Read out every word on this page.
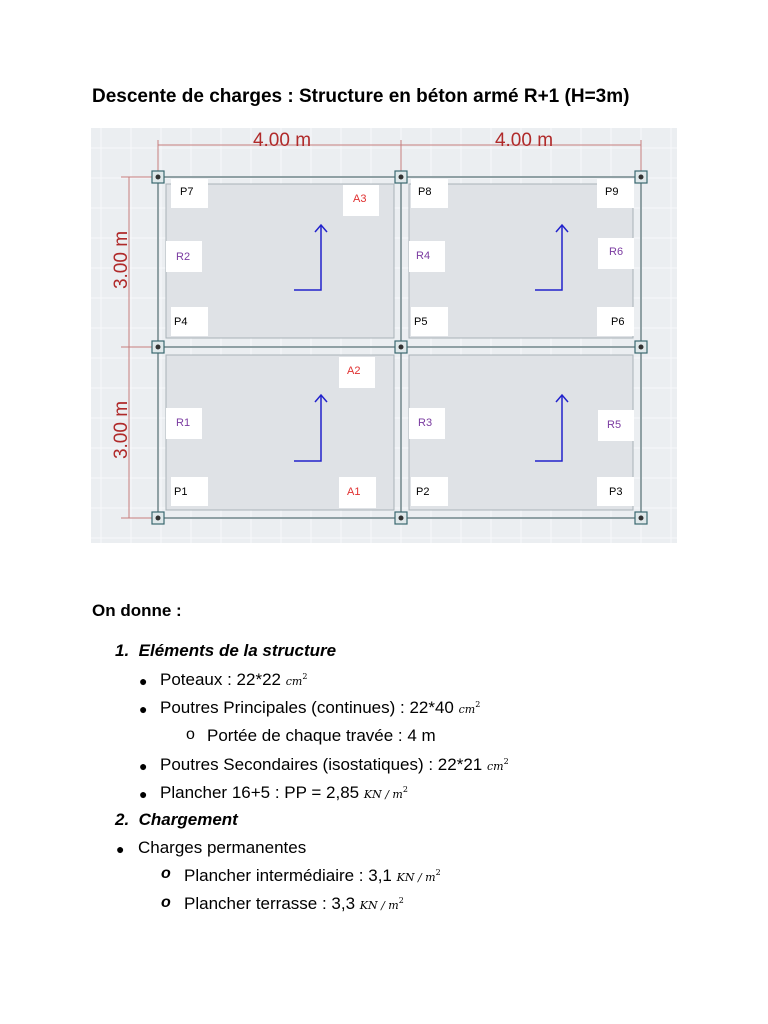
Descente de charges : Structure en béton armé R+1 (H=3m)
4.00 m	4.00 m
3.00 m
3.00 m
P7	P8	P9
P4	P5	P6
P1	P2	P3
A3
A2
A1
R2	R4	R6
R1	R3	R5
On donne :
1. Eléments de la structure
● Poteaux : 22*22 $cm^2$
● Poutres Principales (continues) : 22*40 $cm^2$
o Portée de chaque travée : 4 m
● Poutres Secondaires (isostatiques) : 22*21 $cm^2$
● Plancher 16+5 : PP = 2,85 KN / $m^2$
2. Chargement
● Charges permanentes
o Plancher intermédiaire : 3,1 KN / $m^2$
o Plancher terrasse : 3,3 KN / $m^2$
